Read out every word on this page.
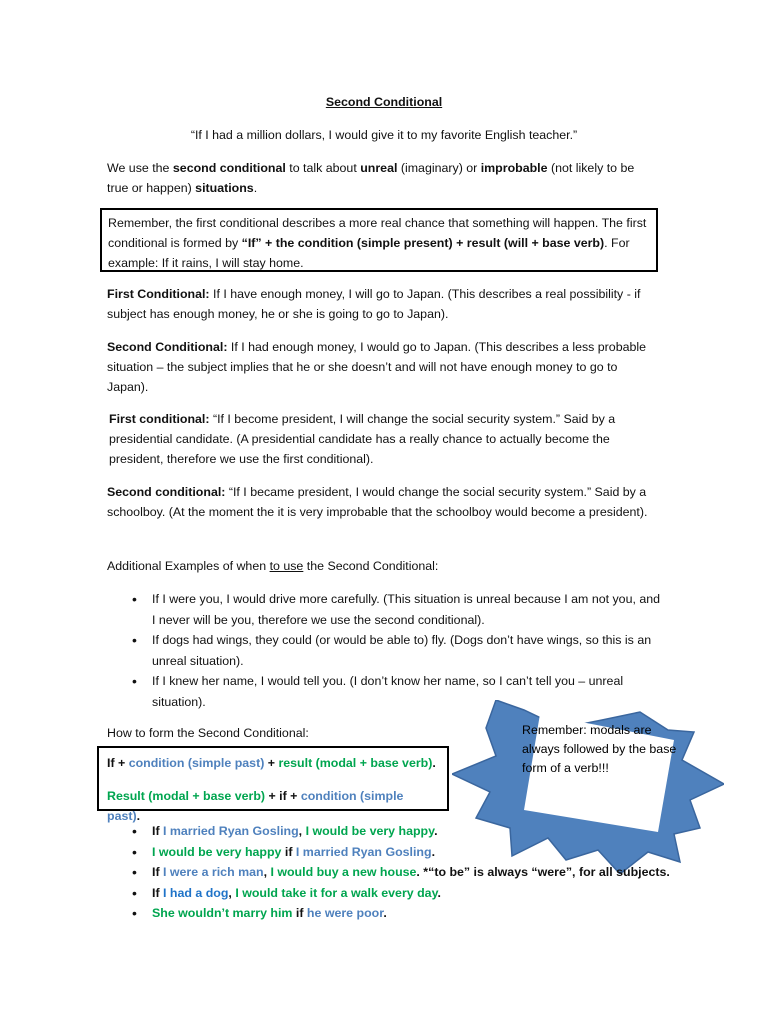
Second Conditional
“If I had a million dollars, I would give it to my favorite English teacher.”
We use the second conditional to talk about unreal (imaginary) or improbable (not likely to be true or happen) situations.
Remember, the first conditional describes a more real chance that something will happen. The first conditional is formed by “If” + the condition (simple present) + result (will + base verb). For example: If it rains, I will stay home.
First Conditional: If I have enough money, I will go to Japan. (This describes a real possibility - if subject has enough money, he or she is going to go to Japan).
Second Conditional: If I had enough money, I would go to Japan. (This describes a less probable situation – the subject implies that he or she doesn’t and will not have enough money to go to Japan).
First conditional: “If I become president, I will change the social security system.” Said by a presidential candidate. (A presidential candidate has a really chance to actually become the president, therefore we use the first conditional).
Second conditional: “If I became president, I would change the social security system.” Said by a schoolboy. (At the moment the it is very improbable that the schoolboy would become a president).
Additional Examples of when to use the Second Conditional:
• If I were you, I would drive more carefully. (This situation is unreal because I am not you, and I never will be you, therefore we use the second conditional).
• If dogs had wings, they could (or would be able to) fly. (Dogs don’t have wings, so this is an unreal situation).
• If I knew her name, I would tell you. (I don’t know her name, so I can’t tell you – unreal situation).
How to form the Second Conditional:
If + condition (simple past) + result (modal + base verb).
Result (modal + base verb) + if + condition (simple past).
Remember: modals are always followed by the base form of a verb!!!
• If I married Ryan Gosling, I would be very happy.
• I would be very happy if I married Ryan Gosling.
• If I were a rich man, I would buy a new house. *“to be” is always “were”, for all subjects.
• If I had a dog, I would take it for a walk every day.
• She wouldn’t marry him if he were poor.
